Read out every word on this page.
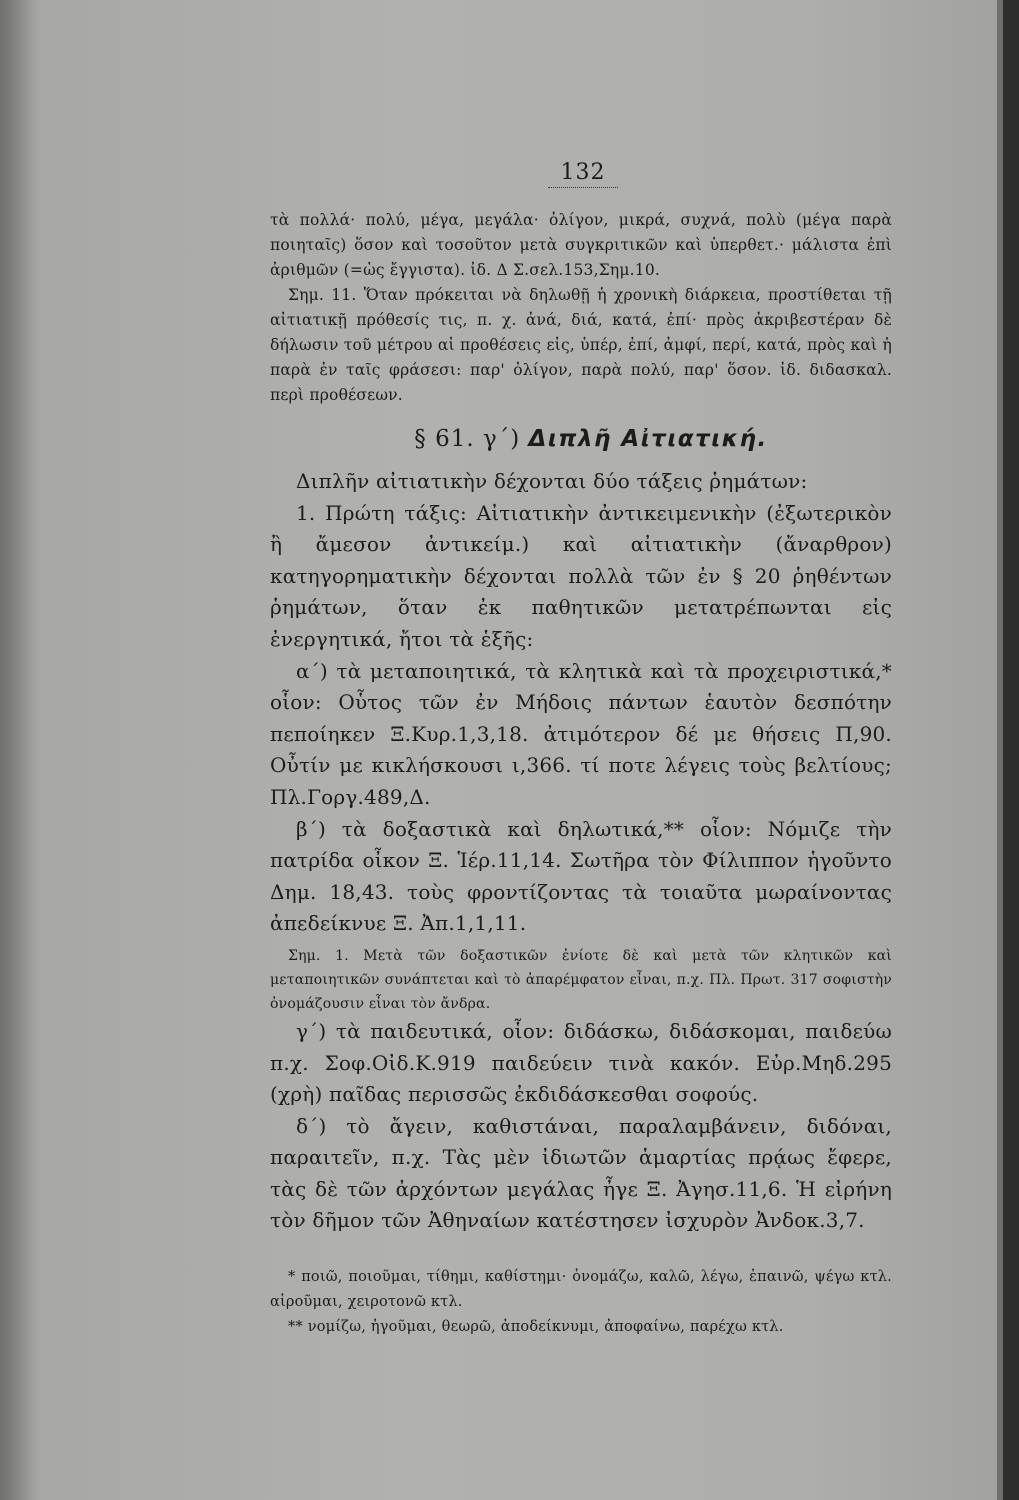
132

τὰ πολλά· πολύ, μέγα, μεγάλα· ὀλίγον, μικρά, συχνά, πολὺ (μέγα παρὰ ποιηταῖς) ὅσον καὶ τοσοῦτον μετὰ συγκριτικῶν καὶ ὑπερθετ.· μάλιστα ἐπὶ ἀριθμῶν (=ὡς ἔγγιστα). ἰδ. Δ Σ.σελ.153,Σημ.10.

Σημ. 11. Ὅταν πρόκειται νὰ δηλωθῇ ἡ χρονικὴ διάρκεια, προστίθεται τῇ αἰτιατικῇ πρόθεσίς τις, π. χ. ἀνά, διά, κατά, ἐπί· πρὸς ἀκριβεστέραν δὲ δήλωσιν τοῦ μέτρου αἱ προθέσεις εἰς, ὑπέρ, ἐπί, ἀμφί, περί, κατά, πρὸς καὶ ἡ παρὰ ἐν ταῖς φράσεσι: παρ' ὀλίγον, παρὰ πολύ, παρ' ὅσον. ἰδ. διδασκαλ. περὶ προθέσεων.

§ 61. γ΄) Διπλῆ Αἰτιατική.

Διπλῆν αἰτιατικὴν δέχονται δύο τάξεις ῥημάτων:

1. Πρώτη τάξις: Αἰτιατικὴν ἀντικειμενικὴν (ἐξωτερικὸν ἢ ἄμεσον ἀντικείμ.) καὶ αἰτιατικὴν (ἄναρθρον) κατηγορηματικὴν δέχονται πολλὰ τῶν ἐν § 20 ῥηθέντων ῥημάτων, ὅταν ἐκ παθητικῶν μετατρέπωνται εἰς ἐνεργητικά, ἤτοι τὰ ἑξῆς:

α΄) τὰ μεταποιητικά, τὰ κλητικὰ καὶ τὰ προχειριστικά,* οἷον: Οὗτος τῶν ἐν Μήδοις πάντων ἑαυτὸν δεσπότην πεποίηκεν Ξ.Κυρ.1,3,18. ἀτιμότερον δέ με θήσεις Π,90. Οὖτίν με κικλήσκουσι ι,366. τί ποτε λέγεις τοὺς βελτίους; Πλ.Γοργ.489,Δ.

β΄) τὰ δοξαστικὰ καὶ δηλωτικά,** οἷον: Νόμιζε τὴν πατρίδα οἶκον Ξ. Ἱέρ.11,14. Σωτῆρα τὸν Φίλιππον ἡγοῦντο Δημ. 18,43. τοὺς φροντίζοντας τὰ τοιαῦτα μωραίνοντας ἀπεδείκνυε Ξ. Ἀπ.1,1,11.

Σημ. 1. Μετὰ τῶν δοξαστικῶν ἐνίοτε δὲ καὶ μετὰ τῶν κλητικῶν καὶ μεταποιητικῶν συνάπτεται καὶ τὸ ἀπαρέμφατον εἶναι, π.χ. Πλ. Πρωτ. 317 σοφιστὴν ὀνομάζουσιν εἶναι τὸν ἄνδρα.

γ΄) τὰ παιδευτικά, οἷον: διδάσκω, διδάσκομαι, παιδεύω π.χ. Σοφ.Οἰδ.Κ.919 παιδεύειν τινὰ κακόν. Εὐρ.Μηδ.295 (χρὴ) παῖδας περισσῶς ἐκδιδάσκεσθαι σοφούς.

δ΄) τὸ ἄγειν, καθιστάναι, παραλαμβάνειν, διδόναι, παραιτεῖν, π.χ. Τὰς μὲν ἰδιωτῶν ἁμαρτίας πρᾴως ἔφερε, τὰς δὲ τῶν ἀρχόντων μεγάλας ἦγε Ξ. Ἀγησ.11,6. Ἡ εἰρήνη τὸν δῆμον τῶν Ἀθηναίων κατέστησεν ἰσχυρὸν Ἀνδοκ.3,7.

* ποιῶ, ποιοῦμαι, τίθημι, καθίστημι· ὀνομάζω, καλῶ, λέγω, ἐπαινῶ, ψέγω κτλ. αἱροῦμαι, χειροτονῶ κτλ.

** νομίζω, ἡγοῦμαι, θεωρῶ, ἀποδείκνυμι, ἀποφαίνω, παρέχω κτλ.
